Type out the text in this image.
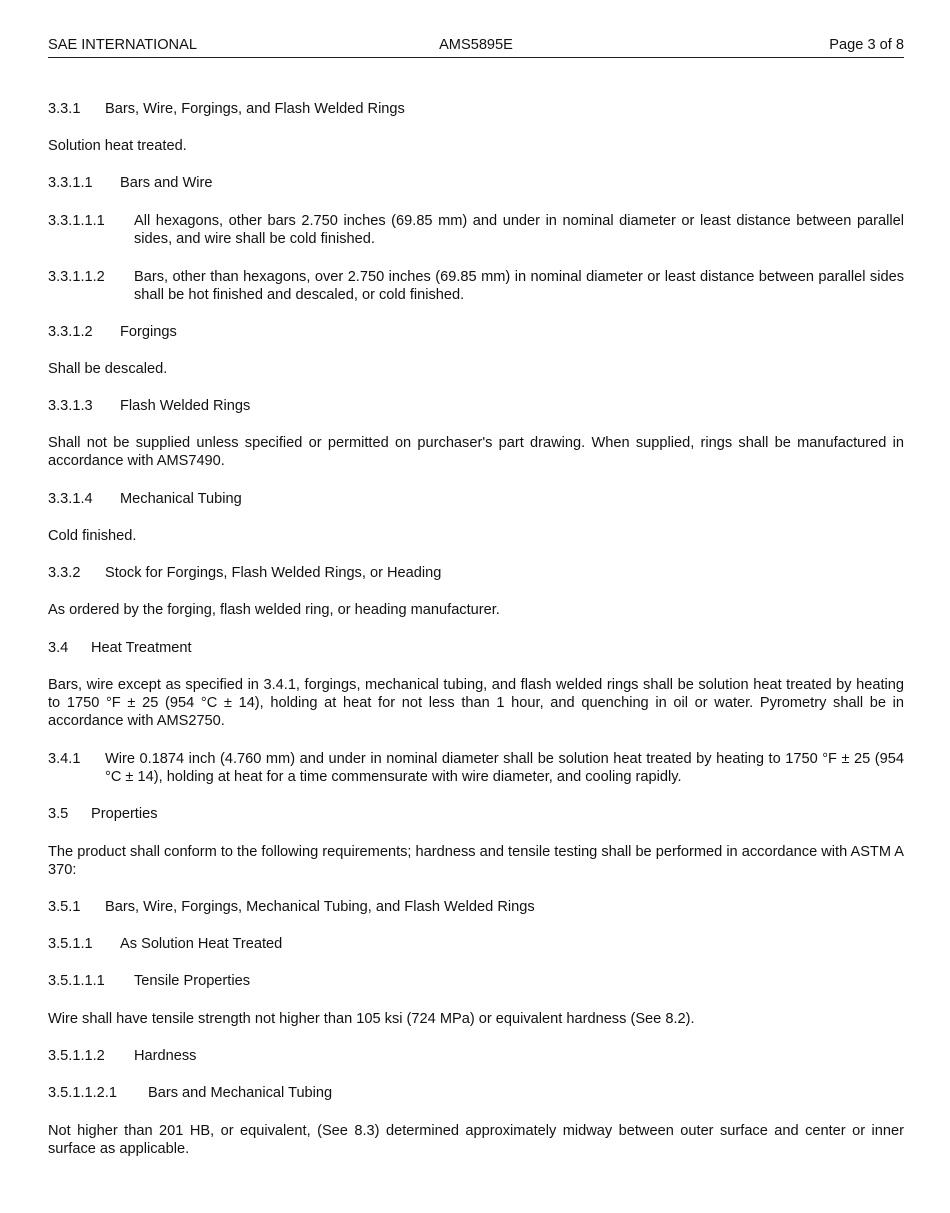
SAE INTERNATIONAL	AMS5895E	Page 3 of 8
3.3.1 Bars, Wire, Forgings, and Flash Welded Rings
Solution heat treated.
3.3.1.1 Bars and Wire
3.3.1.1.1	All hexagons, other bars 2.750 inches (69.85 mm) and under in nominal diameter or least distance between parallel sides, and wire shall be cold finished.
3.3.1.1.2	Bars, other than hexagons, over 2.750 inches (69.85 mm) in nominal diameter or least distance between parallel sides shall be hot finished and descaled, or cold finished.
3.3.1.2 Forgings
Shall be descaled.
3.3.1.3 Flash Welded Rings
Shall not be supplied unless specified or permitted on purchaser's part drawing. When supplied, rings shall be manufactured in accordance with AMS7490.
3.3.1.4 Mechanical Tubing
Cold finished.
3.3.2 Stock for Forgings, Flash Welded Rings, or Heading
As ordered by the forging, flash welded ring, or heading manufacturer.
3.4 Heat Treatment
Bars, wire except as specified in 3.4.1, forgings, mechanical tubing, and flash welded rings shall be solution heat treated by heating to 1750 °F ± 25 (954 °C ± 14), holding at heat for not less than 1 hour, and quenching in oil or water. Pyrometry shall be in accordance with AMS2750.
3.4.1	Wire 0.1874 inch (4.760 mm) and under in nominal diameter shall be solution heat treated by heating to 1750 °F ± 25 (954 °C ± 14), holding at heat for a time commensurate with wire diameter, and cooling rapidly.
3.5 Properties
The product shall conform to the following requirements; hardness and tensile testing shall be performed in accordance with ASTM A 370:
3.5.1 Bars, Wire, Forgings, Mechanical Tubing, and Flash Welded Rings
3.5.1.1 As Solution Heat Treated
3.5.1.1.1 Tensile Properties
Wire shall have tensile strength not higher than 105 ksi (724 MPa) or equivalent hardness (See 8.2).
3.5.1.1.2 Hardness
3.5.1.1.2.1 Bars and Mechanical Tubing
Not higher than 201 HB, or equivalent, (See 8.3) determined approximately midway between outer surface and center or inner surface as applicable.
